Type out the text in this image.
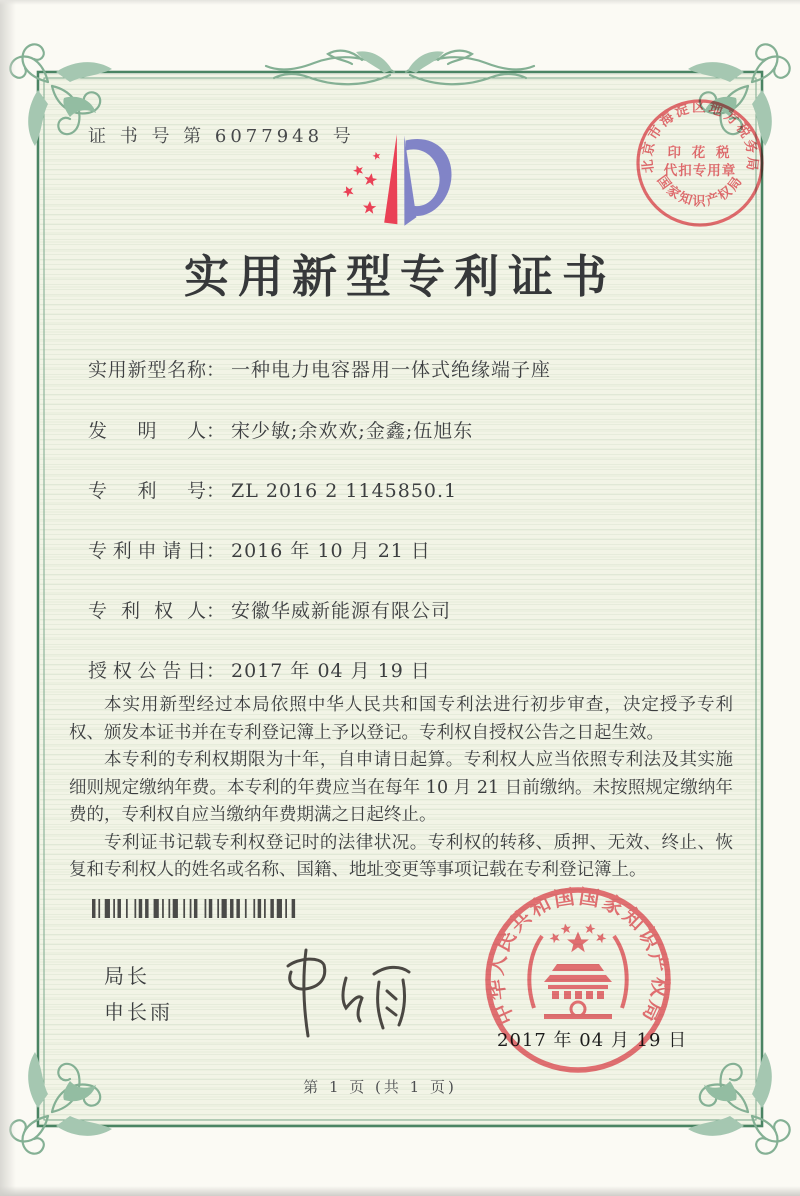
证 书 号 第 6077948 号
实用新型专利证书
实用新型名称： 一种电力电容器用一体式绝缘端子座
发明人： 宋少敏;余欢欢;金鑫;伍旭东
专利号： ZL 2016 2 1145850.1
专利申请日： 2016 年 10 月 21 日
专利权人： 安徽华威新能源有限公司
授权公告日： 2017 年 04 月 19 日

本实用新型经过本局依照中华人民共和国专利法进行初步审查，决定授予专利权、颁发本证书并在专利登记簿上予以登记。专利权自授权公告之日起生效。

本专利的专利权期限为十年，自申请日起算。专利权人应当依照专利法及其实施细则规定缴纳年费。本专利的年费应当在每年 10 月 21 日前缴纳。未按照规定缴纳年费的，专利权自应当缴纳年费期满之日起终止。

专利证书记载专利权登记时的法律状况。专利权的转移、质押、无效、终止、恢复和专利权人的姓名或名称、国籍、地址变更等事项记载在专利登记簿上。

局长
申长雨
2017 年 04 月 19 日
中华人民共和国国家知识产权局
北京市海淀区地方税务局
国家知识产权局
印 花 税
代扣专用章
第 1 页 (共 1 页)
